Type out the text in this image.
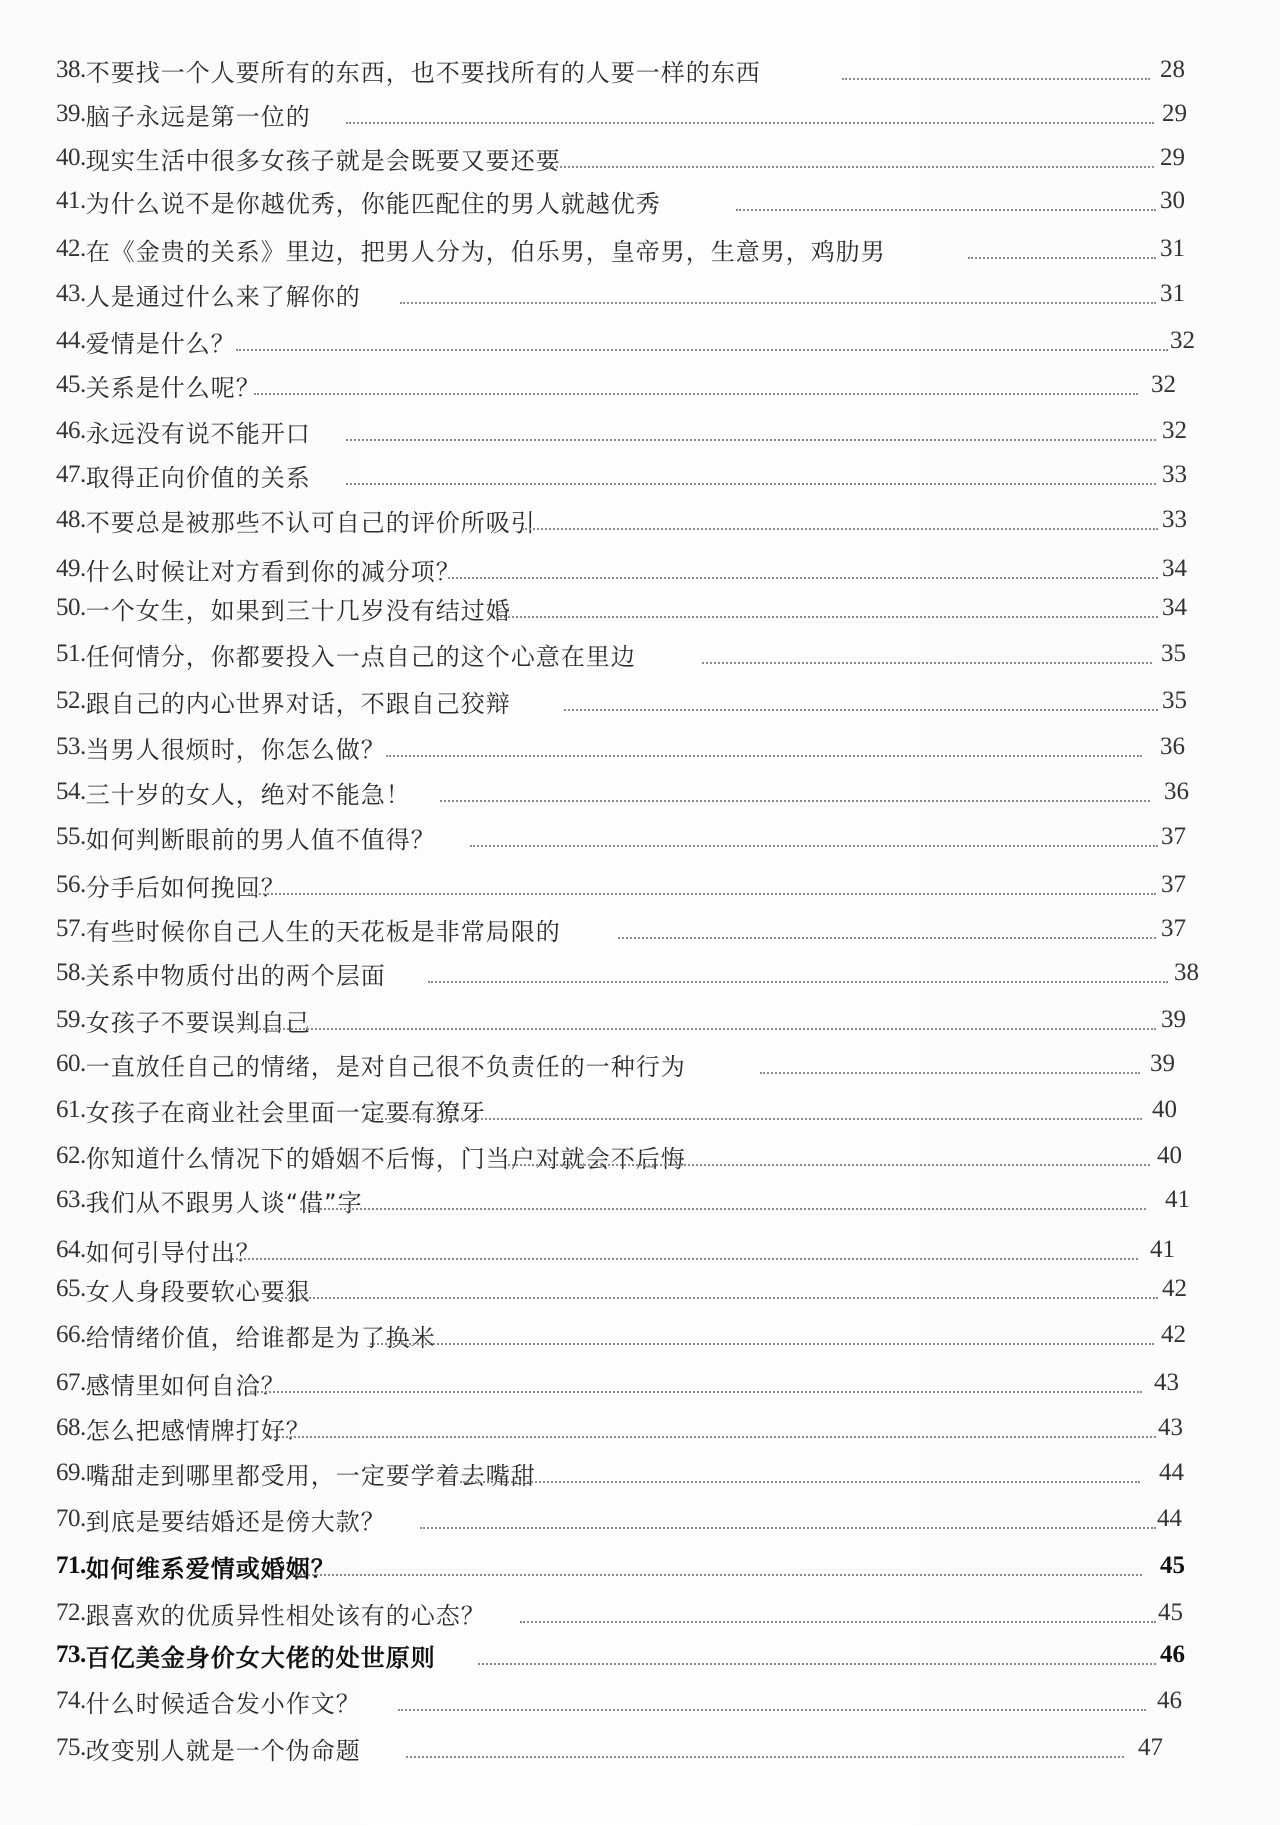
38. 不要找一个人要所有的东西，也不要找所有的人要一样的东西	28
39. 脑子永远是第一位的	29
40. 现实生活中很多女孩子就是会既要又要还要	29
41. 为什么说不是你越优秀，你能匹配住的男人就越优秀	30
42. 在《金贵的关系》里边，把男人分为，伯乐男，皇帝男，生意男，鸡肋男	31
43. 人是通过什么来了解你的	31
44. 爱情是什么？	32
45. 关系是什么呢？	32
46. 永远没有说不能开口	32
47. 取得正向价值的关系	33
48. 不要总是被那些不认可自己的评价所吸引	33
49. 什么时候让对方看到你的减分项？	34
50. 一个女生，如果到三十几岁没有结过婚	34
51. 任何情分，你都要投入一点自己的这个心意在里边	35
52. 跟自己的内心世界对话，不跟自己狡辩	35
53. 当男人很烦时，你怎么做？	36
54. 三十岁的女人，绝对不能急！	36
55. 如何判断眼前的男人值不值得？	37
56. 分手后如何挽回？	37
57. 有些时候你自己人生的天花板是非常局限的	37
58. 关系中物质付出的两个层面	38
59. 女孩子不要误判自己	39
60. 一直放任自己的情绪，是对自己很不负责任的一种行为	39
61. 女孩子在商业社会里面一定要有獠牙	40
62. 你知道什么情况下的婚姻不后悔，门当户对就会不后悔	40
63. 我们从不跟男人谈“借”字	41
64. 如何引导付出？	41
65. 女人身段要软心要狠	42
66. 给情绪价值，给谁都是为了换米	42
67. 感情里如何自洽？	43
68. 怎么把感情牌打好？	43
69. 嘴甜走到哪里都受用，一定要学着去嘴甜	44
70. 到底是要结婚还是傍大款？	44
71. 如何维系爱情或婚姻？	45
72. 跟喜欢的优质异性相处该有的心态？	45
73. 百亿美金身价女大佬的处世原则	46
74. 什么时候适合发小作文？	46
75. 改变别人就是一个伪命题	47
